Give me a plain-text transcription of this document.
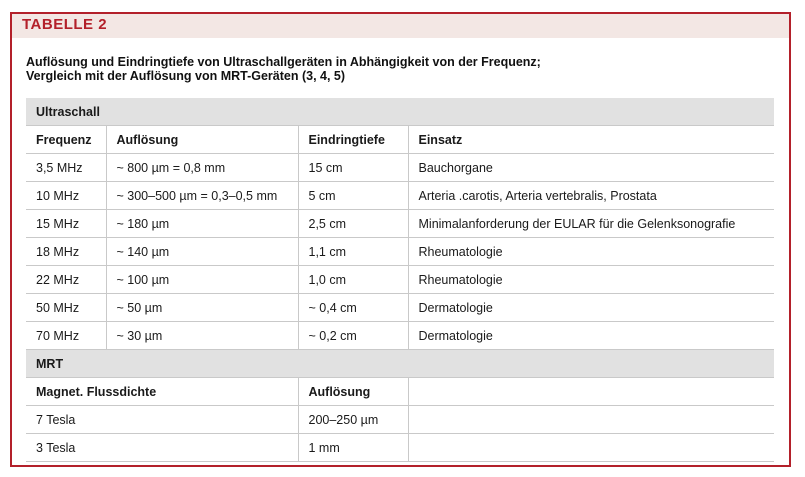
TABELLE 2
Auflösung und Eindringtiefe von Ultraschallgeräten in Abhängigkeit von der Frequenz;
Vergleich mit der Auflösung von MRT-Geräten (3, 4, 5)
Ultraschall			
Frequenz	Auflösung	Eindringtiefe	Einsatz
3,5 MHz	~ 800 µm = 0,8 mm	15 cm	Bauchorgane
10 MHz	~ 300–500 µm = 0,3–0,5 mm	5 cm	Arteria .carotis, Arteria vertebralis, Prostata
15 MHz	~ 180 µm	2,5 cm	Minimalanforderung der EULAR für die Gelenksonografie
18 MHz	~ 140 µm	1,1 cm	Rheumatologie
22 MHz	~ 100 µm	1,0 cm	Rheumatologie
50 MHz	~ 50 µm	~ 0,4 cm	Dermatologie
70 MHz	~ 30 µm	~ 0,2 cm	Dermatologie
MRT			
Magnet. Flussdichte		Auflösung	
7 Tesla		200–250 µm	
3 Tesla		1 mm	
